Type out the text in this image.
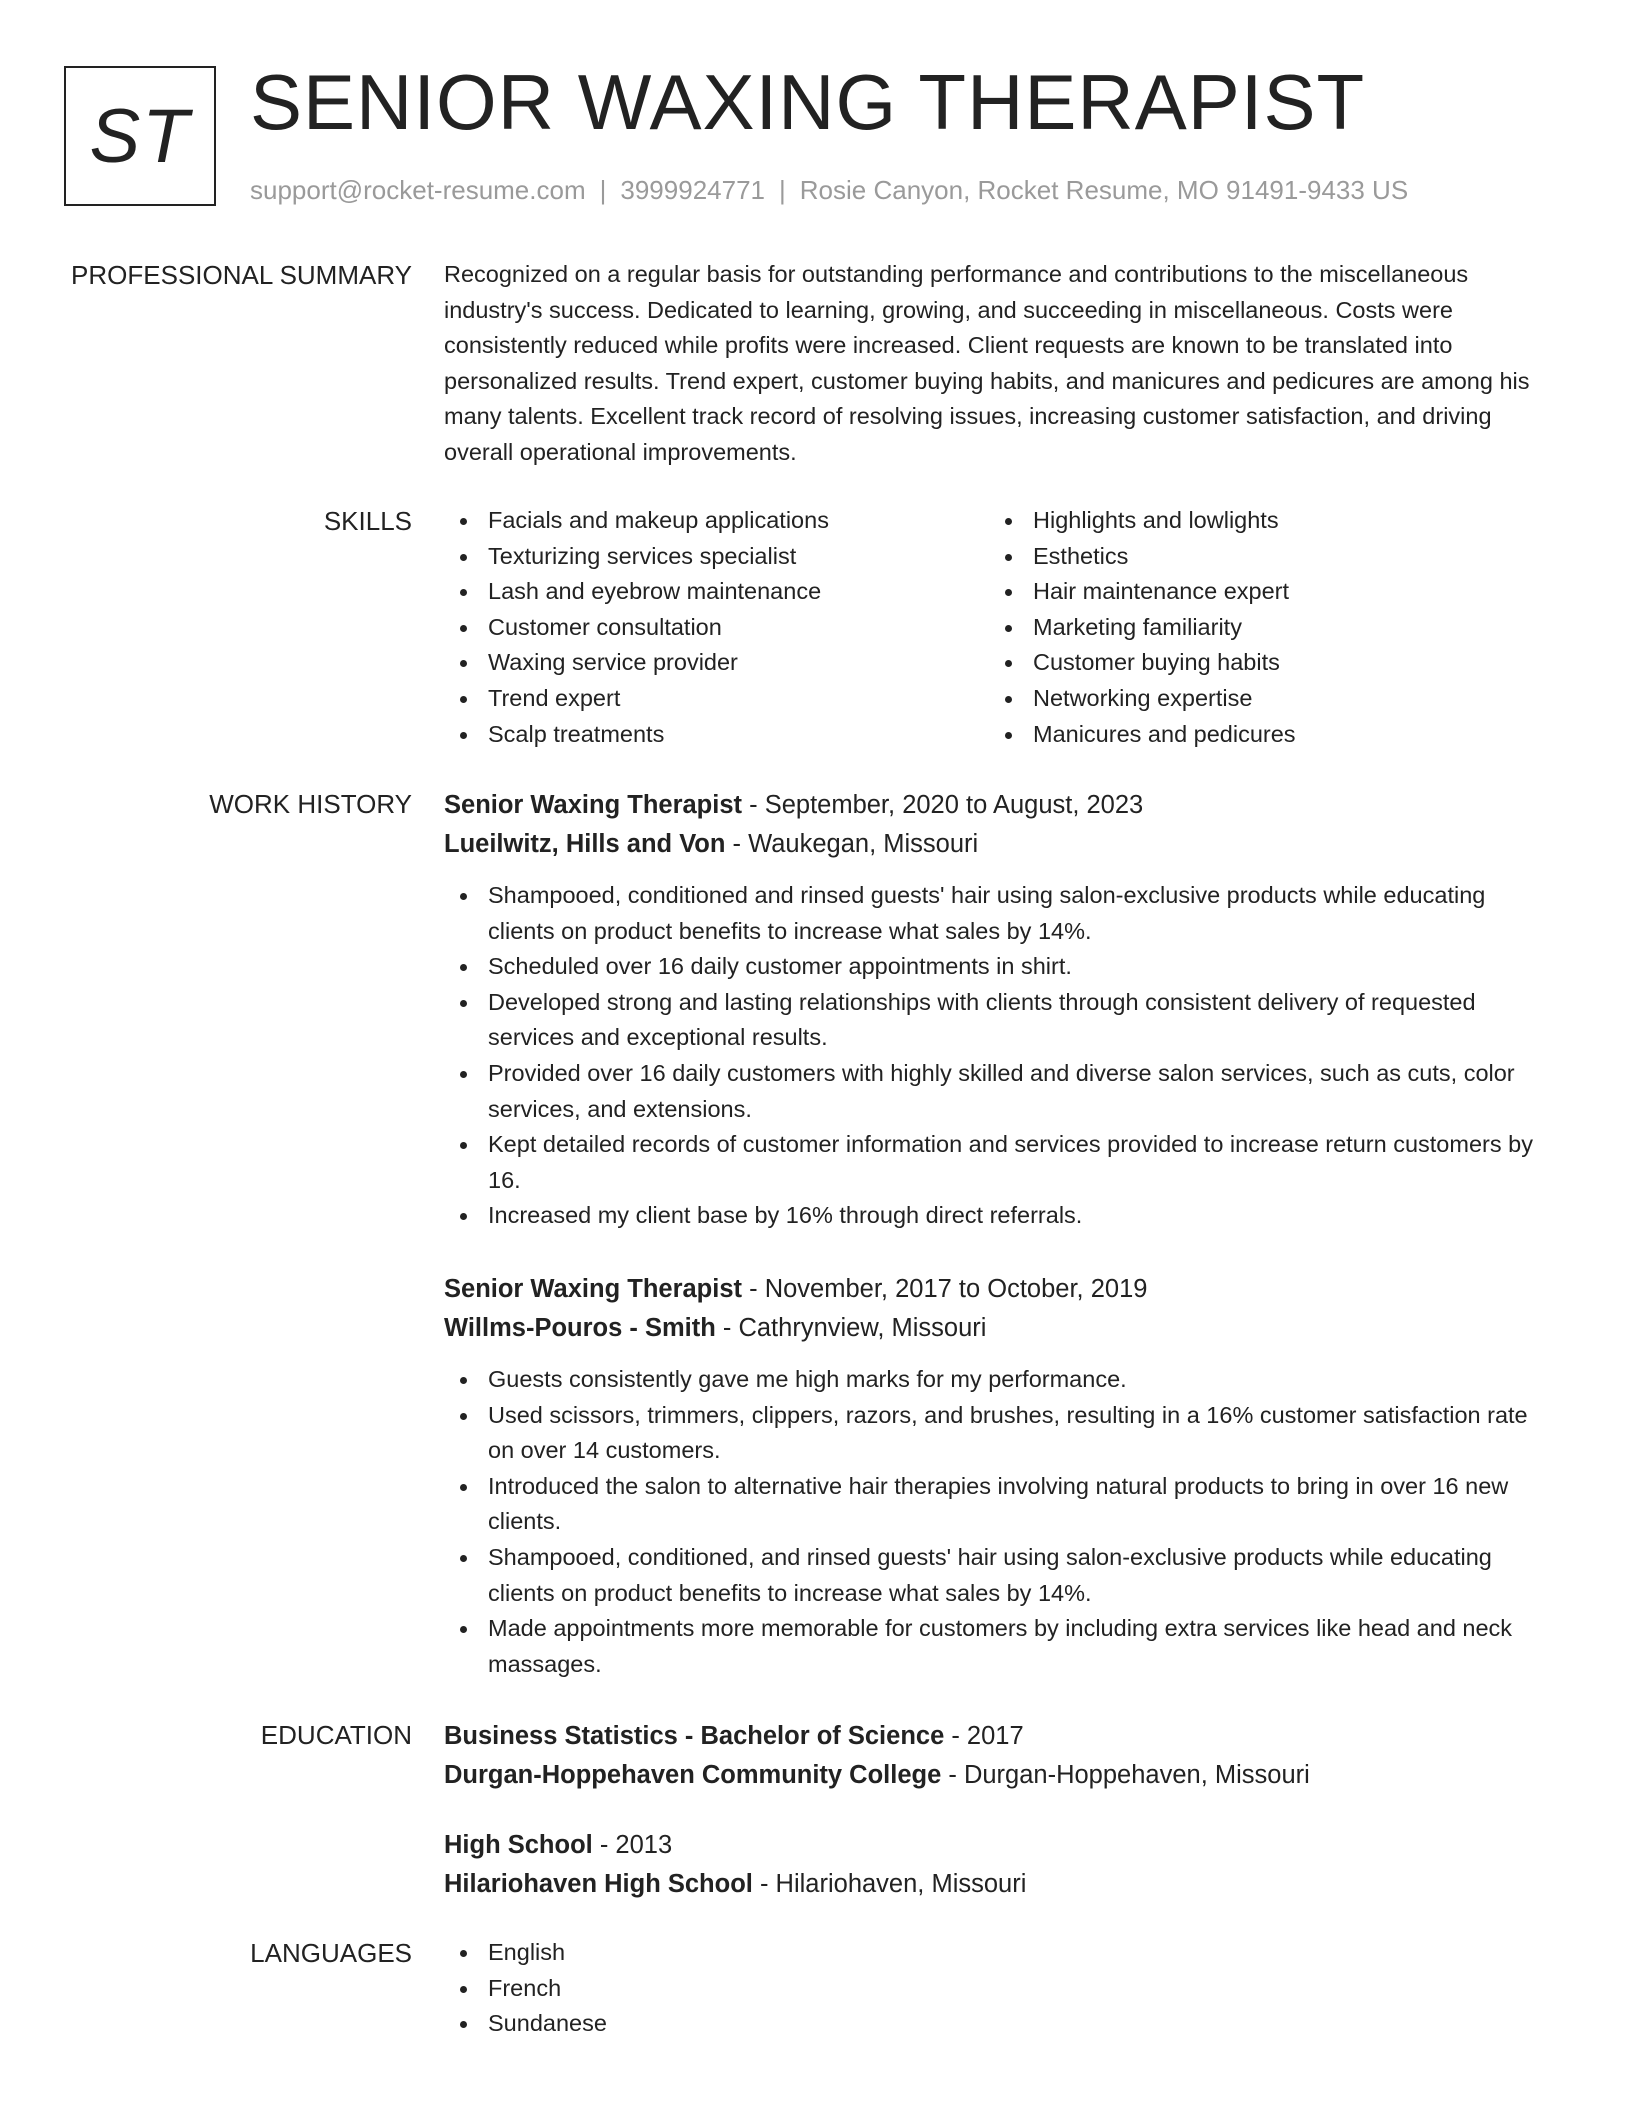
ST SENIOR WAXING THERAPIST
support@rocket-resume.com | 3999924771 | Rosie Canyon, Rocket Resume, MO 91491-9433 US
PROFESSIONAL SUMMARY Recognized on a regular basis for outstanding performance and contributions to the miscellaneous industry's success. Dedicated to learning, growing, and succeeding in miscellaneous. Costs were consistently reduced while profits were increased. Client requests are known to be translated into personalized results. Trend expert, customer buying habits, and manicures and pedicures are among his many talents. Excellent track record of resolving issues, increasing customer satisfaction, and driving overall operational improvements.

SKILLS	Facials and makeup applications
Texturizing services specialist
Lash and eyebrow maintenance
Customer consultation
Waxing service provider
Trend expert
Scalp treatments
Highlights and lowlights
Esthetics
Hair maintenance expert
Marketing familiarity
Customer buying habits
Networking expertise
Manicures and pedicures
WORK HISTORY Senior Waxing Therapist - September, 2020 to August, 2023
Lueilwitz, Hills and Von - Waukegan, Missouri
Shampooed, conditioned and rinsed guests' hair using salon-exclusive products while educating clients on product benefits to increase what sales by 14%.
Scheduled over 16 daily customer appointments in shirt.
Developed strong and lasting relationships with clients through consistent delivery of requested services and exceptional results.
Provided over 16 daily customers with highly skilled and diverse salon services, such as cuts, color services, and extensions.
Kept detailed records of customer information and services provided to increase return customers by 16.
Increased my client base by 16% through direct referrals.
Senior Waxing Therapist - November, 2017 to October, 2019
Willms-Pouros - Smith - Cathrynview, Missouri
Guests consistently gave me high marks for my performance.
Used scissors, trimmers, clippers, razors, and brushes, resulting in a 16% customer satisfaction rate on over 14 customers.
Introduced the salon to alternative hair therapies involving natural products to bring in over 16 new clients.
Shampooed, conditioned, and rinsed guests' hair using salon-exclusive products while educating clients on product benefits to increase what sales by 14%.
Made appointments more memorable for customers by including extra services like head and neck massages.
EDUCATION Business Statistics - Bachelor of Science - 2017
Durgan-Hoppehaven Community College - Durgan-Hoppehaven, Missouri
High School - 2013
Hilariohaven High School - Hilariohaven, Missouri
LANGUAGES	English
French
Sundanese
